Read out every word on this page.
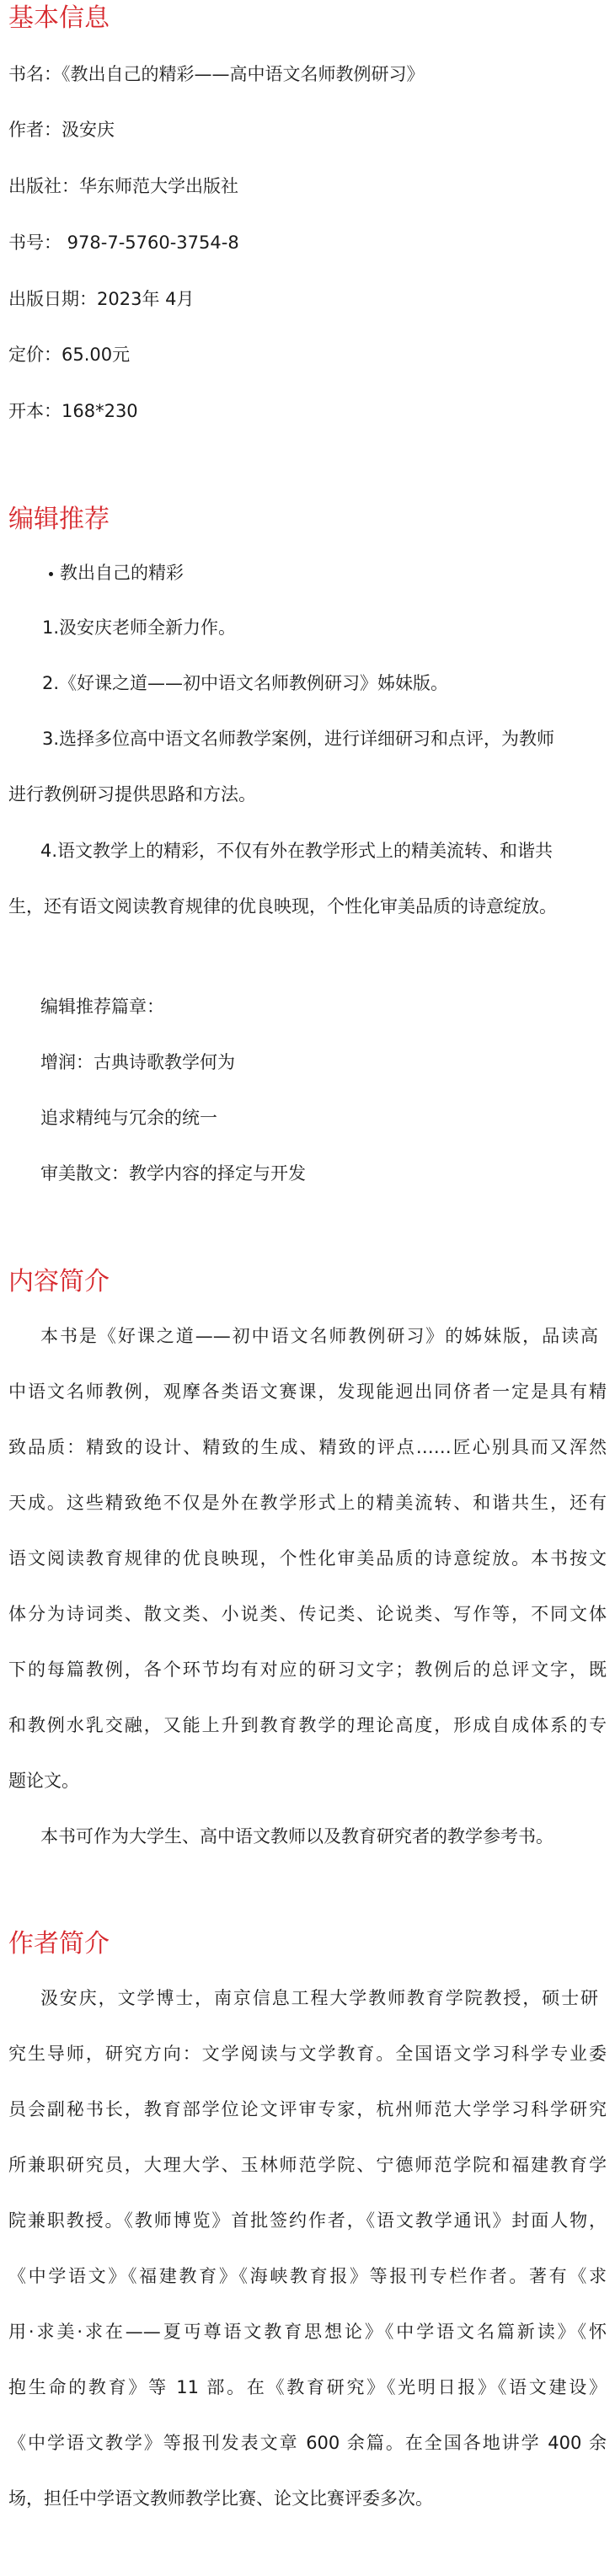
基本信息

书名：《教出自己的精彩——高中语文名师教例研习》

作者：汲安庆

出版社：华东师范大学出版社

书号： 978-7-5760-3754-8

出版日期：2023年 4月

定价：65.00元

开本：168*230

编辑推荐

教出自己的精彩

1.汲安庆老师全新力作。

2.《好课之道——初中语文名师教例研习》姊妹版。

3.选择多位高中语文名师教学案例，进行详细研习和点评，为教师

进行教例研习提供思路和方法。

4.语文教学上的精彩，不仅有外在教学形式上的精美流转、和谐共

生，还有语文阅读教育规律的优良映现，个性化审美品质的诗意绽放。

编辑推荐篇章：

增润：古典诗歌教学何为

追求精纯与冗余的统一

审美散文：教学内容的择定与开发

内容简介

本书是《好课之道——初中语文名师教例研习》的姊妹版，品读高

中语文名师教例，观摩各类语文赛课，发现能迥出同侪者一定是具有精

致品质：精致的设计、精致的生成、精致的评点……匠心别具而又浑然

天成。这些精致绝不仅是外在教学形式上的精美流转、和谐共生，还有

语文阅读教育规律的优良映现，个性化审美品质的诗意绽放。本书按文

体分为诗词类、散文类、小说类、传记类、论说类、写作等，不同文体

下的每篇教例，各个环节均有对应的研习文字；教例后的总评文字，既

和教例水乳交融，又能上升到教育教学的理论高度，形成自成体系的专

题论文。

本书可作为大学生、高中语文教师以及教育研究者的教学参考书。

作者简介

汲安庆，文学博士，南京信息工程大学教师教育学院教授，硕士研

究生导师，研究方向：文学阅读与文学教育。全国语文学习科学专业委

员会副秘书长，教育部学位论文评审专家，杭州师范大学学习科学研究

所兼职研究员，大理大学、玉林师范学院、宁德师范学院和福建教育学

院兼职教授。《教师博览》首批签约作者，《语文教学通讯》封面人物，

《中学语文》《福建教育》《海峡教育报》等报刊专栏作者。著有《求

用·求美·求在——夏丏尊语文教育思想论》《中学语文名篇新读》《怀

抱生命的教育》等 11 部。在《教育研究》《光明日报》《语文建设》

《中学语文教学》等报刊发表文章 600 余篇。在全国各地讲学 400 余

场，担任中学语文教师教学比赛、论文比赛评委多次。
